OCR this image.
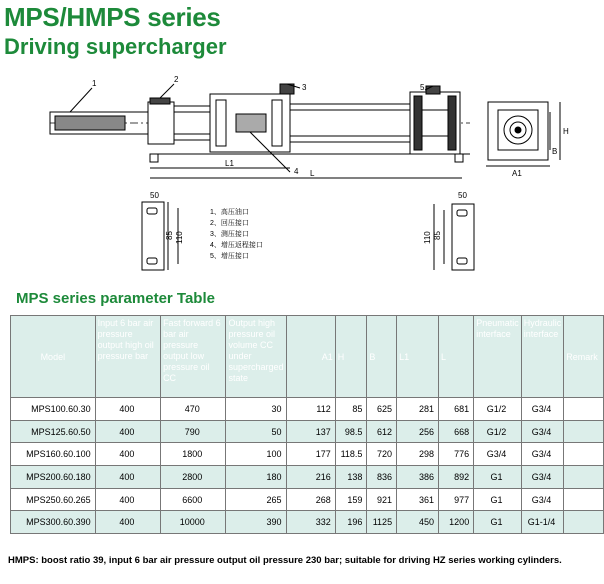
MPS/HMPS series
Driving supercharger
1	2
3
4
5
L1
L
H
B
A1
50
85 110
1、高压油口
2、回压接口
3、测压接口
4、增压返程接口
5、增压接口
50
85
110
MPS series parameter Table
Model	Input 6 bar air pressure output high oil pressure bar	Fast forward 6 bar air pressure output low pressure oil CC	Output high pressure oil volume CC under supercharged state	A1	H	B	L1	L	Pneumatic interface	Hydraulic interface	Remark
MPS100.60.30	400	470	30	112	85	625	281	681	G1/2	G3/4	
MPS125.60.50	400	790	50	137	98.5	612	256	668	G1/2	G3/4	
MPS160.60.100	400	1800	100	177	118.5	720	298	776	G3/4	G3/4	
MPS200.60.180	400	2800	180	216	138	836	386	892	G1	G3/4	
MPS250.60.265	400	6600	265	268	159	921	361	977	G1	G3/4	
MPS300.60.390	400	10000	390	332	196	1125	450	1200	G1	G1-1/4	
HMPS: boost ratio 39, input 6 bar air pressure output oil pressure 230 bar; suitable for driving HZ series working cylinders.
